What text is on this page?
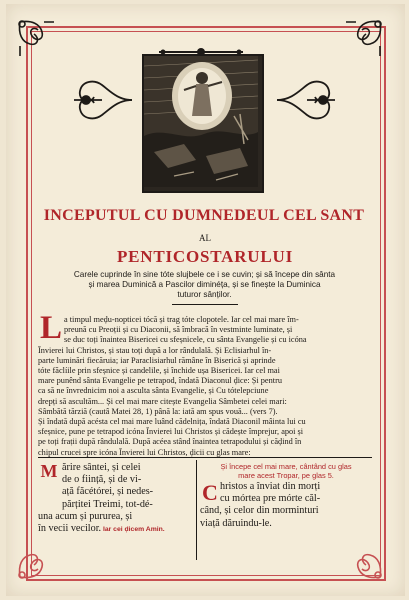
INCEPUTUL CU DUMNEDEUL CEL SANT
AL
PENTICOSTARULUI
Carele cuprinde în sine tóte slujbele ce i se cuvin; și să începe din sânta
și marea Duminică a Pascilor diminéța, și se finește la Duminica
tuturor sânților.
L a timpul meḑu-nopticei tócă și trag tóte clopotele. Iar cel mai mare îm-
preună cu Preoții și cu Diaconii, să îmbracă în vestminte luminate, și
se duc toți înaintea Bisericei cu sfeșnicele, cu sânta Evangelie și cu icóna
Învierei lui Christos, și stau toți după a lor rândulală. Și Eclisiarhul în-
parte luminări fiecăruia; iar Paraclisiarhul rămâne în Biserică și aprinde
tóte făclíile prin sfeșnice și candelile, și închide ușa Bisericei. Iar cel mai
mare punênd sânta Evangelie pe tetrapod, îndată Diaconul ḑice: Și pentru
ca să ne învrednicim noi a asculta sânta Evangelie, și Cu tótelepciune
drepți să ascultăm... Și cel mai mare citește Evangelia Sâmbetei celei mari:
Sâmbătă tărziă (cautâ Matei 28, 1) până la: iată am spus vouă... (vers 7).
Și îndată după acésta cel mai mare luând cădelnița, îndată Diaconil mâinta lui cu
sfeșnice, pune pe tetrapod icóna Învierei lui Christos și cădește împrejur, apoi și
pe toți fraṭii după rândulală. După acéea stând înaintea tetrapodului și căḑind în
chipul crucei spre icóna Învierei lui Christos, ḑicii cu glas mare:
M ărire sântei, și celei
de o ființă, și de vi-
ață făcétórei, și nedes-
părțitei Treimi, tot-dé-
una acum și pururea, și
în vecii vecilor. Iar cei ḑicem Amin.
Și începe cel mai mare, cântând cu glas
mare acest Tropar, pe glas 5.
C hristos a înviat din morți
cu mórtea pre mórte căl-
când, și celor din morminturi
viață dăruindu-le.
